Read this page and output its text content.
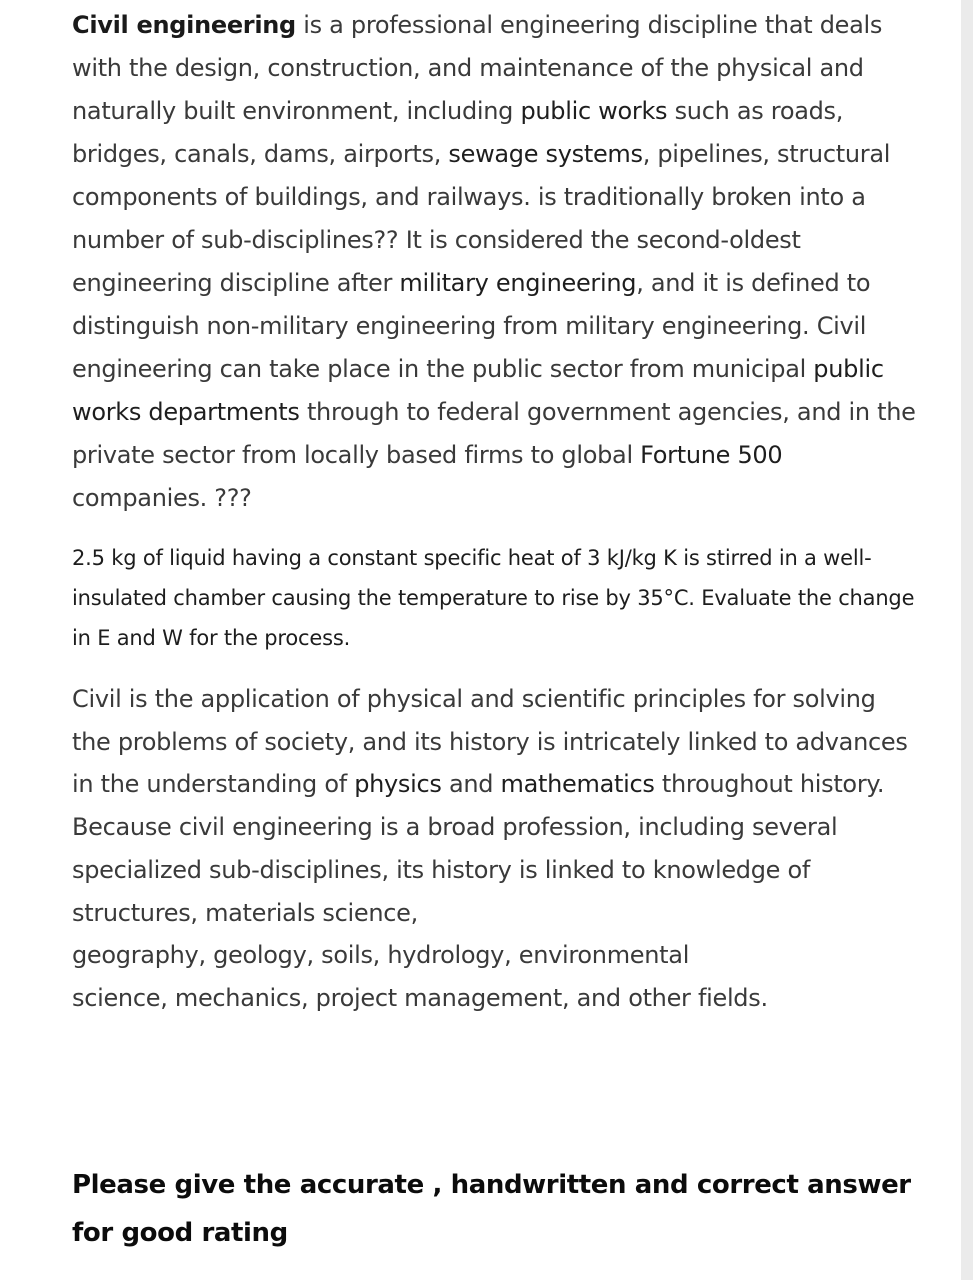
Civil engineering is a professional engineering discipline that deals with the design, construction, and maintenance of the physical and naturally built environment, including public works such as roads, bridges, canals, dams, airports, sewage systems, pipelines, structural components of buildings, and railways. is traditionally broken into a number of sub-disciplines?? It is considered the second-oldest engineering discipline after military engineering, and it is defined to distinguish non-military engineering from military engineering. Civil engineering can take place in the public sector from municipal public works departments through to federal government agencies, and in the private sector from locally based firms to global Fortune 500 companies. ???

2.5 kg of liquid having a constant specific heat of 3 kJ/kg K is stirred in a well-insulated chamber causing the temperature to rise by 35°C. Evaluate the change in E and W for the process.

Civil is the application of physical and scientific principles for solving the problems of society, and its history is intricately linked to advances in the understanding of physics and mathematics throughout history. Because civil engineering is a broad profession, including several specialized sub-disciplines, its history is linked to knowledge of structures, materials science,
geography, geology, soils, hydrology, environmental
science, mechanics, project management, and other fields.

Please give the accurate , handwritten and correct answer for good rating
